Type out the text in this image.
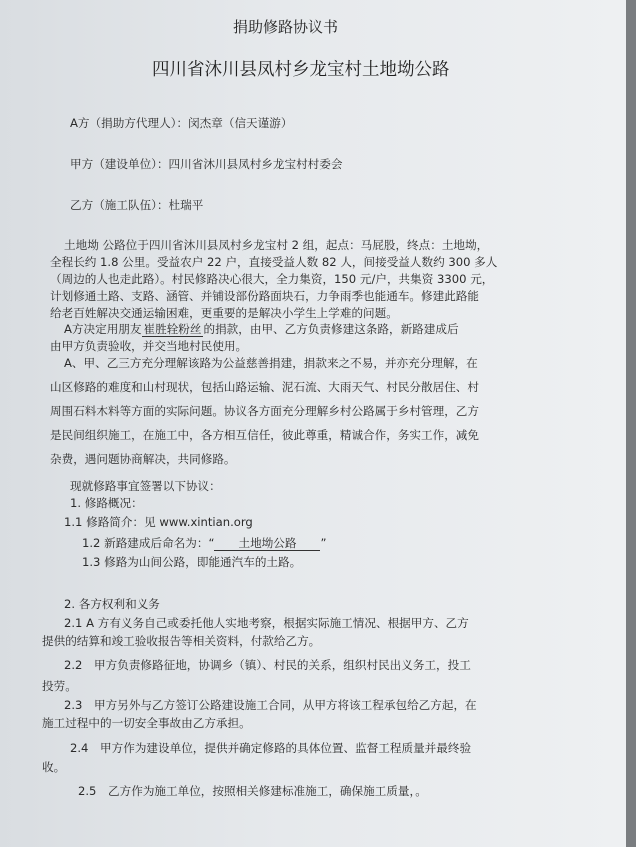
捐助修路协议书
四川省沐川县凤村乡龙宝村土地坳公路
A方（捐助方代理人）：闵杰章（信天谨游）
甲方（建设单位）：四川省沐川县凤村乡龙宝村村委会
乙方（施工队伍）：杜瑞平
土地坳 公路位于四川省沐川县凤村乡龙宝村 2 组，起点：马屁股，终点：土地坳，
全程长约 1.8 公里。受益农户 22 户，直接受益人数 82 人，间接受益人数约 300 多人
（周边的人也走此路）。村民修路决心很大，全力集资，150 元/户，共集资 3300 元，
计划修通土路、支路、涵管、并铺设部份路面块石，力争雨季也能通车。修建此路能
给老百姓解决交通运输困难，更重要的是解决小学生上学难的问题。
A方决定用朋友 崔胜辁粉丝 的捐款，由甲、乙方负责修建这条路，新路建成后
由甲方负责验收，并交当地村民使用。
A、甲、乙三方充分理解该路为公益慈善捐建，捐款来之不易，并亦充分理解，在
山区修路的难度和山村现状，包括山路运输、泥石流、大雨天气、村民分散居住、村
周围石料木料等方面的实际问题。协议各方面充分理解乡村公路属于乡村管理，乙方
是民间组织施工，在施工中，各方相互信任，彼此尊重，精诚合作，务实工作，减免
杂费，遇问题协商解决，共同修路。
现就修路事宜签署以下协议：
1. 修路概况：
1.1 修路简介：见 www.xintian.org
1.2 新路建成后命名为：“ 土地坳公路 ”
1.3 修路为山间公路，即能通汽车的土路。
2. 各方权利和义务
2.1 A 方有义务自己或委托他人实地考察，根据实际施工情况、根据甲方、乙方
提供的结算和竣工验收报告等相关资料，付款给乙方。
2.2　甲方负责修路征地，协调乡（镇）、村民的关系，组织村民出义务工，投工
投劳。
2.3　甲方另外与乙方签订公路建设施工合同，从甲方将该工程承包给乙方起，在
施工过程中的一切安全事故由乙方承担。
2.4　甲方作为建设单位，提供并确定修路的具体位置、监督工程质量并最终验
收。
2.5　乙方作为施工单位，按照相关修建标准施工，确保施工质量，。
